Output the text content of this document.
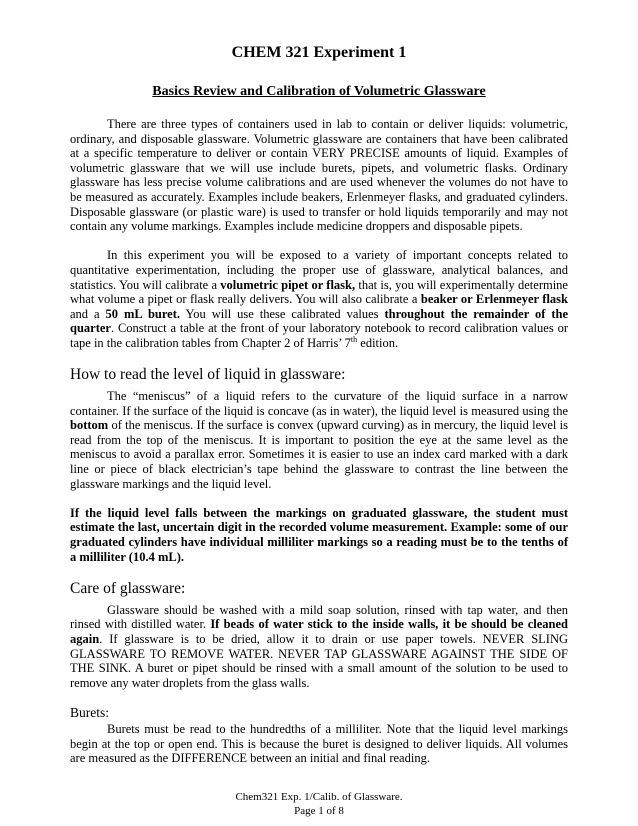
CHEM 321 Experiment 1
Basics Review and Calibration of Volumetric Glassware

There are three types of containers used in lab to contain or deliver liquids: volumetric, ordinary, and disposable glassware. Volumetric glassware are containers that have been calibrated at a specific temperature to deliver or contain VERY PRECISE amounts of liquid. Examples of volumetric glassware that we will use include burets, pipets, and volumetric flasks. Ordinary glassware has less precise volume calibrations and are used whenever the volumes do not have to be measured as accurately. Examples include beakers, Erlenmeyer flasks, and graduated cylinders. Disposable glassware (or plastic ware) is used to transfer or hold liquids temporarily and may not contain any volume markings. Examples include medicine droppers and disposable pipets.

In this experiment you will be exposed to a variety of important concepts related to quantitative experimentation, including the proper use of glassware, analytical balances, and statistics. You will calibrate a volumetric pipet or flask, that is, you will experimentally determine what volume a pipet or flask really delivers. You will also calibrate a beaker or Erlenmeyer flask and a 50 mL buret. You will use these calibrated values throughout the remainder of the quarter. Construct a table at the front of your laboratory notebook to record calibration values or tape in the calibration tables from Chapter 2 of Harris’ 7th edition.

How to read the level of liquid in glassware:

The “meniscus” of a liquid refers to the curvature of the liquid surface in a narrow container. If the surface of the liquid is concave (as in water), the liquid level is measured using the bottom of the meniscus. If the surface is convex (upward curving) as in mercury, the liquid level is read from the top of the meniscus. It is important to position the eye at the same level as the meniscus to avoid a parallax error. Sometimes it is easier to use an index card marked with a dark line or piece of black electrician’s tape behind the glassware to contrast the line between the glassware markings and the liquid level.

If the liquid level falls between the markings on graduated glassware, the student must estimate the last, uncertain digit in the recorded volume measurement. Example: some of our graduated cylinders have individual milliliter markings so a reading must be to the tenths of a milliliter (10.4 mL).

Care of glassware:

Glassware should be washed with a mild soap solution, rinsed with tap water, and then rinsed with distilled water. If beads of water stick to the inside walls, it be should be cleaned again. If glassware is to be dried, allow it to drain or use paper towels. NEVER SLING GLASSWARE TO REMOVE WATER. NEVER TAP GLASSWARE AGAINST THE SIDE OF THE SINK. A buret or pipet should be rinsed with a small amount of the solution to be used to remove any water droplets from the glass walls.

Burets:

Burets must be read to the hundredths of a milliliter. Note that the liquid level markings begin at the top or open end. This is because the buret is designed to deliver liquids. All volumes are measured as the DIFFERENCE between an initial and final reading.

Chem321 Exp. 1/Calib. of Glassware.
Page 1 of 8
